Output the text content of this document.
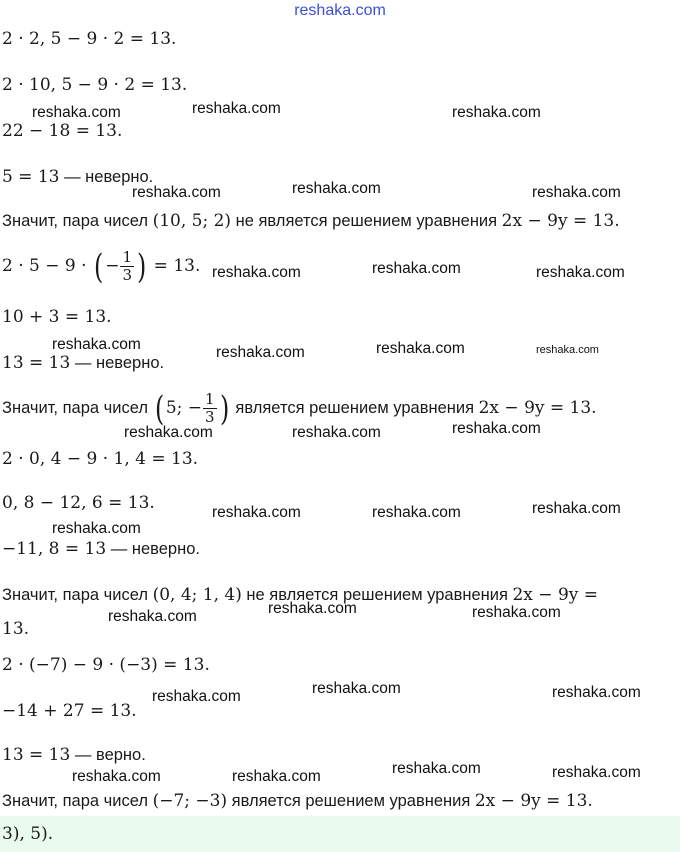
reshaka.com
2 · 2, 5 − 9 · 2 = 13.
2 · 10, 5 − 9 · 2 = 13.
22 − 18 = 13.
5 = 13 — неверно.
Значит, пара чисел (10, 5; 2) не является решением уравнения 2x − 9y = 13.
2 · 5 − 9 · ( − $\frac{1}{3}$ ) = 13.
10 + 3 = 13.
13 = 13 — неверно.
Значит, пара чисел ( 5; − $\frac{1}{3}$ ) является решением уравнения 2x − 9y = 13.
2 · 0, 4 − 9 · 1, 4 = 13.
0, 8 − 12, 6 = 13.
−11, 8 = 13 — неверно.
Значит, пара чисел (0, 4; 1, 4) не является решением уравнения 2x − 9y =
13.
2 · (−7) − 9 · (−3) = 13.
−14 + 27 = 13.
13 = 13 — верно.
Значит, пара чисел (−7; −3) является решением уравнения 2x − 9y = 13.
3), 5).
reshaka.com	reshaka.com	reshaka.com
reshaka.com	reshaka.com	reshaka.com
reshaka.com	reshaka.com	reshaka.com
reshaka.com	reshaka.com	reshaka.com	reshaka.com
reshaka.com	reshaka.com	reshaka.com
reshaka.com	reshaka.com	reshaka.com
reshaka.com
reshaka.com	reshaka.com	reshaka.com
reshaka.com	reshaka.com	reshaka.com
reshaka.com	reshaka.com	reshaka.com	reshaka.com
